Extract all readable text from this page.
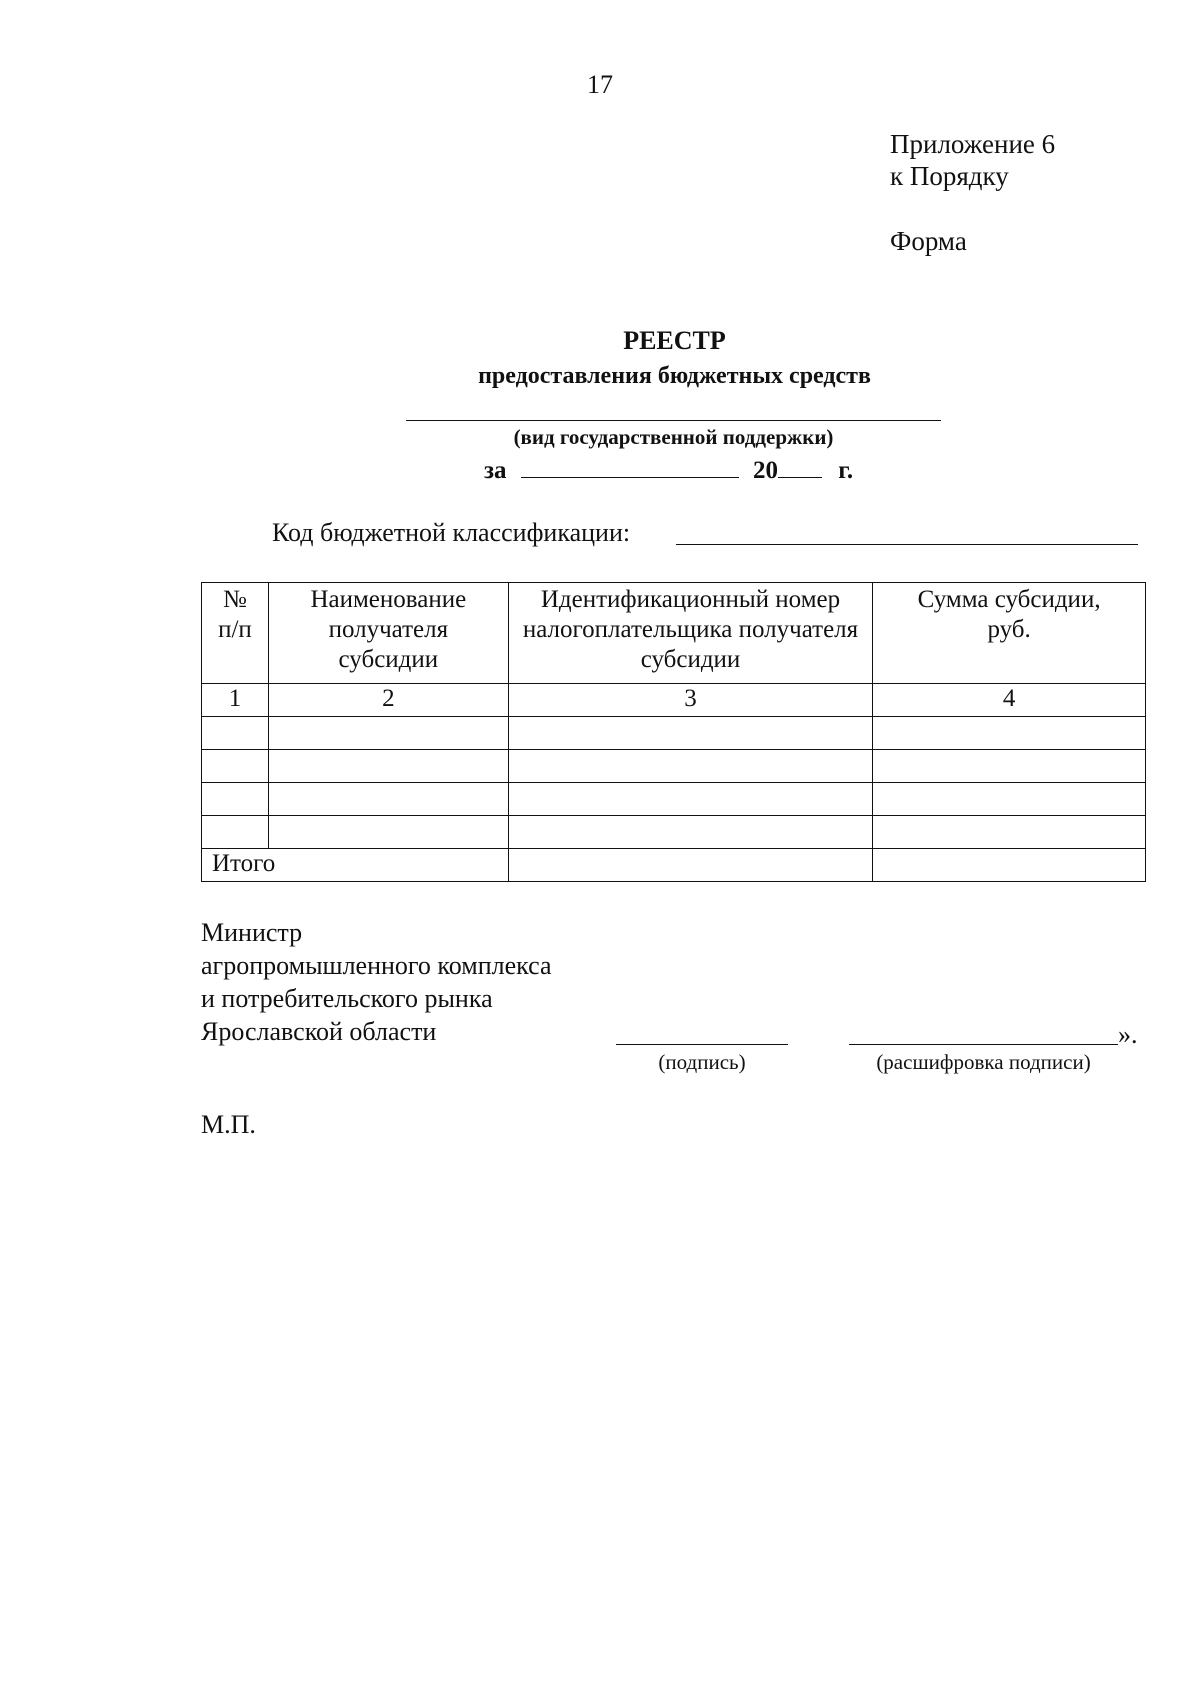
17
Приложение 6
к Порядку
Форма
РЕЕСТР
предоставления бюджетных средств
(вид государственной поддержки)
за	20 г.
Код бюджетной классификации:
№ п/п	Наименование получателя субсидии	Идентификационный номер налогоплательщика получателя субсидии	Сумма субсидии, руб.
1	2	3	4

Итого			
Министр
агропромышленного комплекса
и потребительского рынка
Ярославской области
(подпись)
».
(расшифровка подписи)
М.П.
